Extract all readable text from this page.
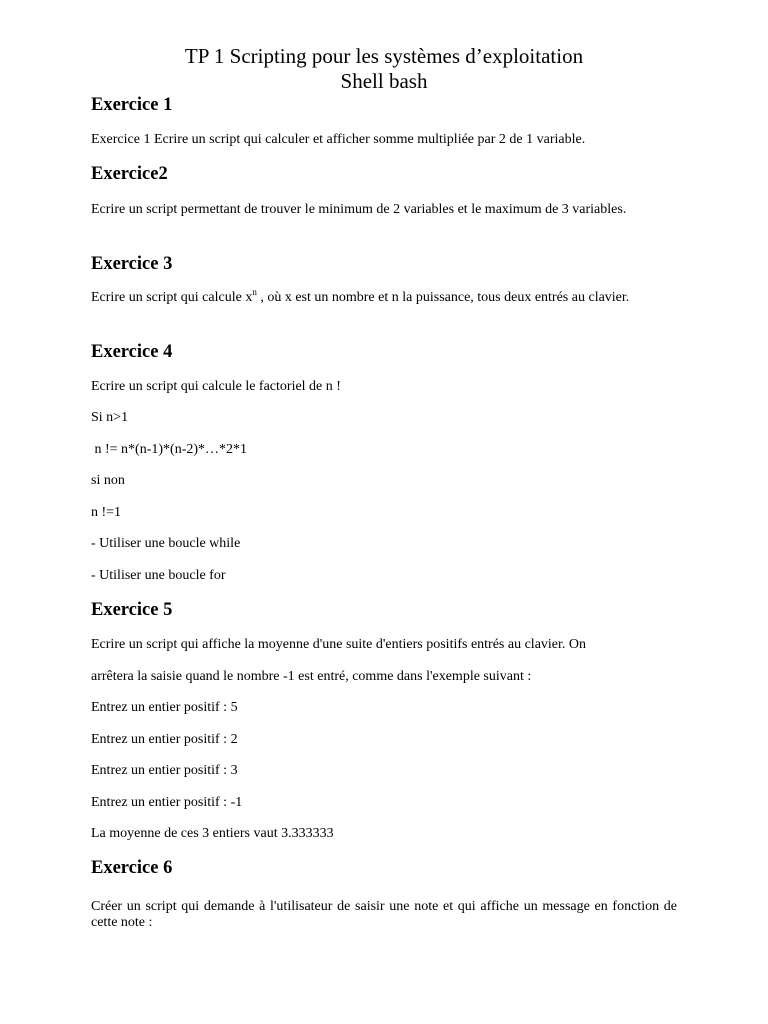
TP 1 Scripting pour les systèmes d’exploitation
Shell bash
Exercice 1
Exercice 1 Ecrire un script qui calculer et afficher somme multipliée par 2 de 1 variable.
Exercice2
Ecrire un script permettant de trouver le minimum de 2 variables et le maximum de 3 variables.
Exercice 3
Ecrire un script qui calcule $x^n$ , où x est un nombre et n la puissance, tous deux entrés au clavier.
Exercice 4
Ecrire un script qui calcule le factoriel de n !
Si n>1
n != n*(n-1)*(n-2)*…*2*1
si non
n !=1
- Utiliser une boucle while
- Utiliser une boucle for
Exercice 5
Ecrire un script qui affiche la moyenne d'une suite d'entiers positifs entrés au clavier. On
arrêtera la saisie quand le nombre -1 est entré, comme dans l'exemple suivant :
Entrez un entier positif : 5
Entrez un entier positif : 2
Entrez un entier positif : 3
Entrez un entier positif : -1
La moyenne de ces 3 entiers vaut 3.333333
Exercice 6
Créer un script qui demande à l'utilisateur de saisir une note et qui affiche un message en fonction de cette note :
